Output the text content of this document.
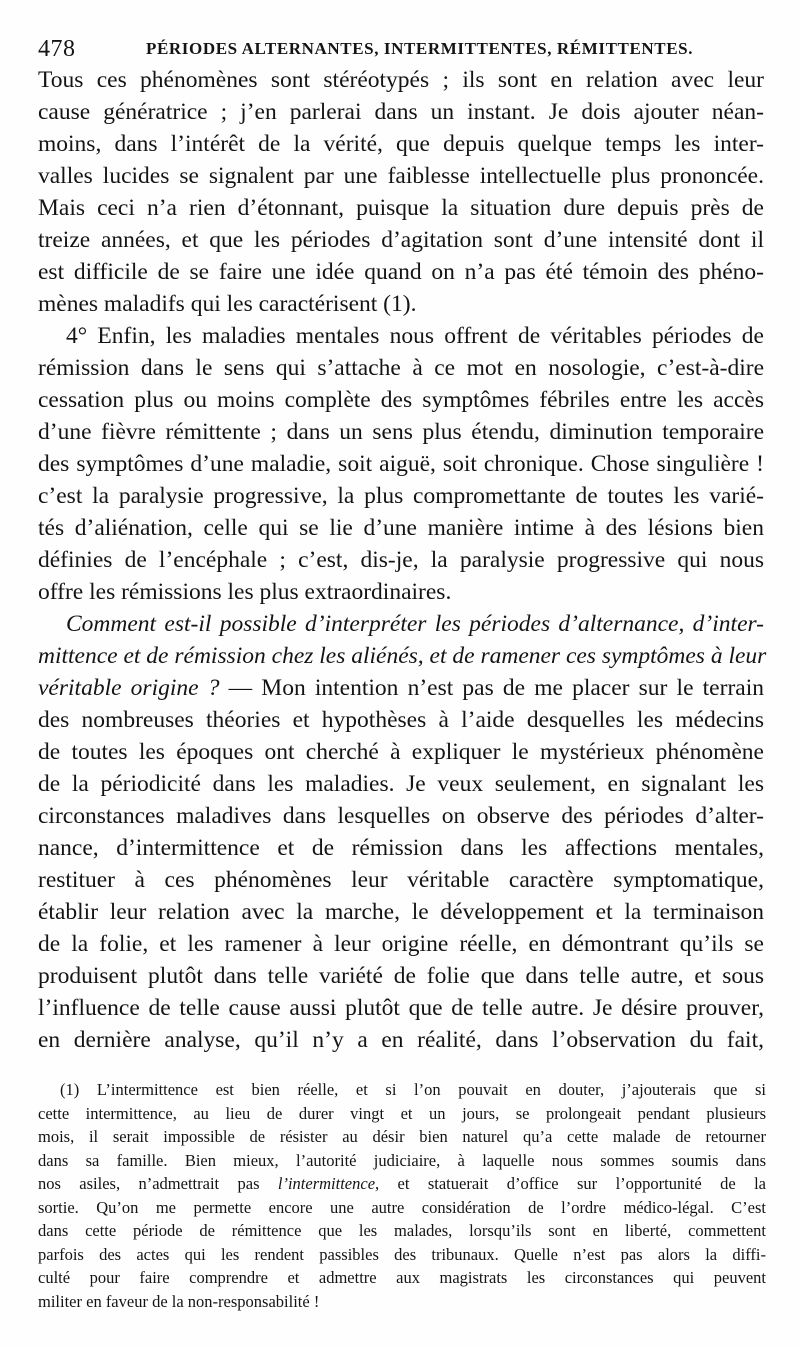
478	PÉRIODES ALTERNANTES, INTERMITTENTES, RÉMITTENTES.
Tous ces phénomènes sont stéréotypés ; ils sont en relation avec leur
cause génératrice ; j’en parlerai dans un instant. Je dois ajouter néan-
moins, dans l’intérêt de la vérité, que depuis quelque temps les inter-
valles lucides se signalent par une faiblesse intellectuelle plus prononcée.
Mais ceci n’a rien d’étonnant, puisque la situation dure depuis près de
treize années, et que les périodes d’agitation sont d’une intensité dont il
est difficile de se faire une idée quand on n’a pas été témoin des phéno-
mènes maladifs qui les caractérisent (1).
4° Enfin, les maladies mentales nous offrent de véritables périodes de
rémission dans le sens qui s’attache à ce mot en nosologie, c’est-à-dire
cessation plus ou moins complète des symptômes fébriles entre les accès
d’une fièvre rémittente ; dans un sens plus étendu, diminution temporaire
des symptômes d’une maladie, soit aiguë, soit chronique. Chose singulière !
c’est la paralysie progressive, la plus compromettante de toutes les varié-
tés d’aliénation, celle qui se lie d’une manière intime à des lésions bien
définies de l’encéphale ; c’est, dis-je, la paralysie progressive qui nous
offre les rémissions les plus extraordinaires.
Comment est-il possible d’interpréter les périodes d’alternance, d’inter-
mittence et de rémission chez les aliénés, et de ramener ces symptômes à leur
véritable origine ? — Mon intention n’est pas de me placer sur le terrain
des nombreuses théories et hypothèses à l’aide desquelles les médecins
de toutes les époques ont cherché à expliquer le mystérieux phénomène
de la périodicité dans les maladies. Je veux seulement, en signalant les
circonstances maladives dans lesquelles on observe des périodes d’alter-
nance, d’intermittence et de rémission dans les affections mentales,
restituer à ces phénomènes leur véritable caractère symptomatique,
établir leur relation avec la marche, le développement et la terminaison
de la folie, et les ramener à leur origine réelle, en démontrant qu’ils se
produisent plutôt dans telle variété de folie que dans telle autre, et sous
l’influence de telle cause aussi plutôt que de telle autre. Je désire prouver,
en dernière analyse, qu’il n’y a en réalité, dans l’observation du fait,
(1) L’intermittence est bien réelle, et si l’on pouvait en douter, j’ajouterais que si
cette intermittence, au lieu de durer vingt et un jours, se prolongeait pendant plusieurs
mois, il serait impossible de résister au désir bien naturel qu’a cette malade de retourner
dans sa famille. Bien mieux, l’autorité judiciaire, à laquelle nous sommes soumis dans
nos asiles, n’admettrait pas l’intermittence, et statuerait d’office sur l’opportunité de la
sortie. Qu’on me permette encore une autre considération de l’ordre médico-légal. C’est
dans cette période de rémittence que les malades, lorsqu’ils sont en liberté, commettent
parfois des actes qui les rendent passibles des tribunaux. Quelle n’est pas alors la diffi-
culté pour faire comprendre et admettre aux magistrats les circonstances qui peuvent
militer en faveur de la non-responsabilité !
